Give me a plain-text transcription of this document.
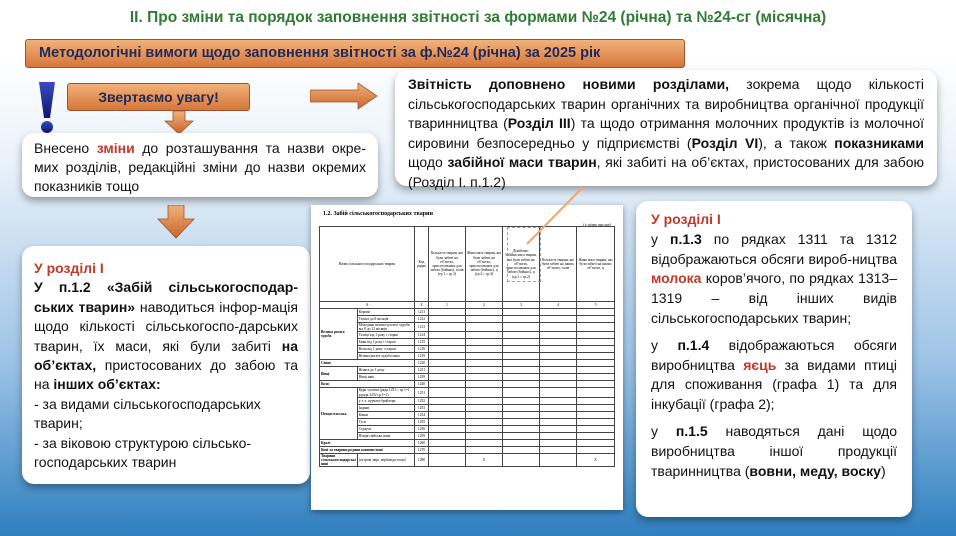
ІІ. Про зміни та порядок заповнення звітності за формами №24 (річна) та №24-сг (місячна)
Методологічні вимоги щодо заповнення звітності за ф.№24 (річна) за 2025 рік
Звертаємо увагу!
Внесено зміни до розташування та назви окре-мих розділів, редакційні зміни до назви окремих показників тощо
Звітність доповнено новими розділами, зокрема щодо кількості сільськогосподарських тварин органічних та виробництва органічної продукції тваринництва (Розділ III) та щодо отримання молочних продуктів із молочної сировини безпосередньо у підприємстві (Розділ VI), а також показниками щодо забійної маси тварин, які забиті на об’єктах, пристосованих для забою (Розділ І. п.1.2)
У розділі І
У п.1.2 «Забій сільськогосподар-ських тварин» наводиться інфор-мація щодо кількості сільськогоспо-дарських тварин, їх маси, які були забиті на об’єктах, пристосованих до забою та на інших об’єктах:
- за видами сільськогосподарських тварин;
- за віковою структурою сільсько-господарських тварин
У розділі І
у п.1.3 по рядках 1311 та 1312 відображаються обсяги вироб-ництва молока коров’ячого, по рядках 1313–1319 – від інших видів сільськогосподарських тварин;
у п.1.4 відображаються обсяги виробництва яєць за видами птиці для споживання (графа 1) та для інкубації (графа 2);
у п.1.5 наводяться дані щодо виробництва іншої продукції тваринництва (вовни, меду, воску)
1.2. Забій сільськогосподарських тварин
(у цілих числах)
Назва сільськогосподарських тварин		Код рядка	Кількість тварин, які були забиті на об’єктах, пристосованих для забою (бойнях), голів (гр.1 ≥ гр.3)	Жива маса тварин, які були забиті на об’єктах, пристосованих для забою (бойнях), ц (гр.2 ≥ гр.4)	Довідково:
Забійна маса тварин, які були забиті на об’єктах, пристосованих для забою (бойнях), ц (гр.3 ≤ гр.2)	Кількість тварин, які були забиті на інших об’єктах, голів	Жива маса тварин, які були забиті на інших об’єктах, ц
А		Б	1	2	3	4	5
Велика рогата худоба	Корови	1211					
	Телята до 8 місяців	1212					
	Молодняк великої рогатої худоби від 8 до 12 місяців	1213					
	Телиці від 1 року і старші	1214					
	Бики від 1 року і старші	1215					
	Воли від 1 року і старші	1216					
	Велика рогата худоба інша	1219					
Свині		1220					
Вівці	Ягнята до 1 року	1231					
	Вівці інші	1239					
Кози		1240					
Птиця сільська	Кури та півні (рядк.1251 ≥ гр.1=1 р.рядк.1252 гр.1=1)	1251					
	у т. ч. курчата-бройлери	1252					
	Індики	1253					
	Качки	1254					
	Гуси	1255					
	Страуси	1256					
	Птиця свійська інша	1259					
Кролі		1260					
Коні та тварини родини конячих інші		1270					
Тварини сільськогосподарські інші	(хутрові звірі, верблюди тощо)	1290		Х			Х
